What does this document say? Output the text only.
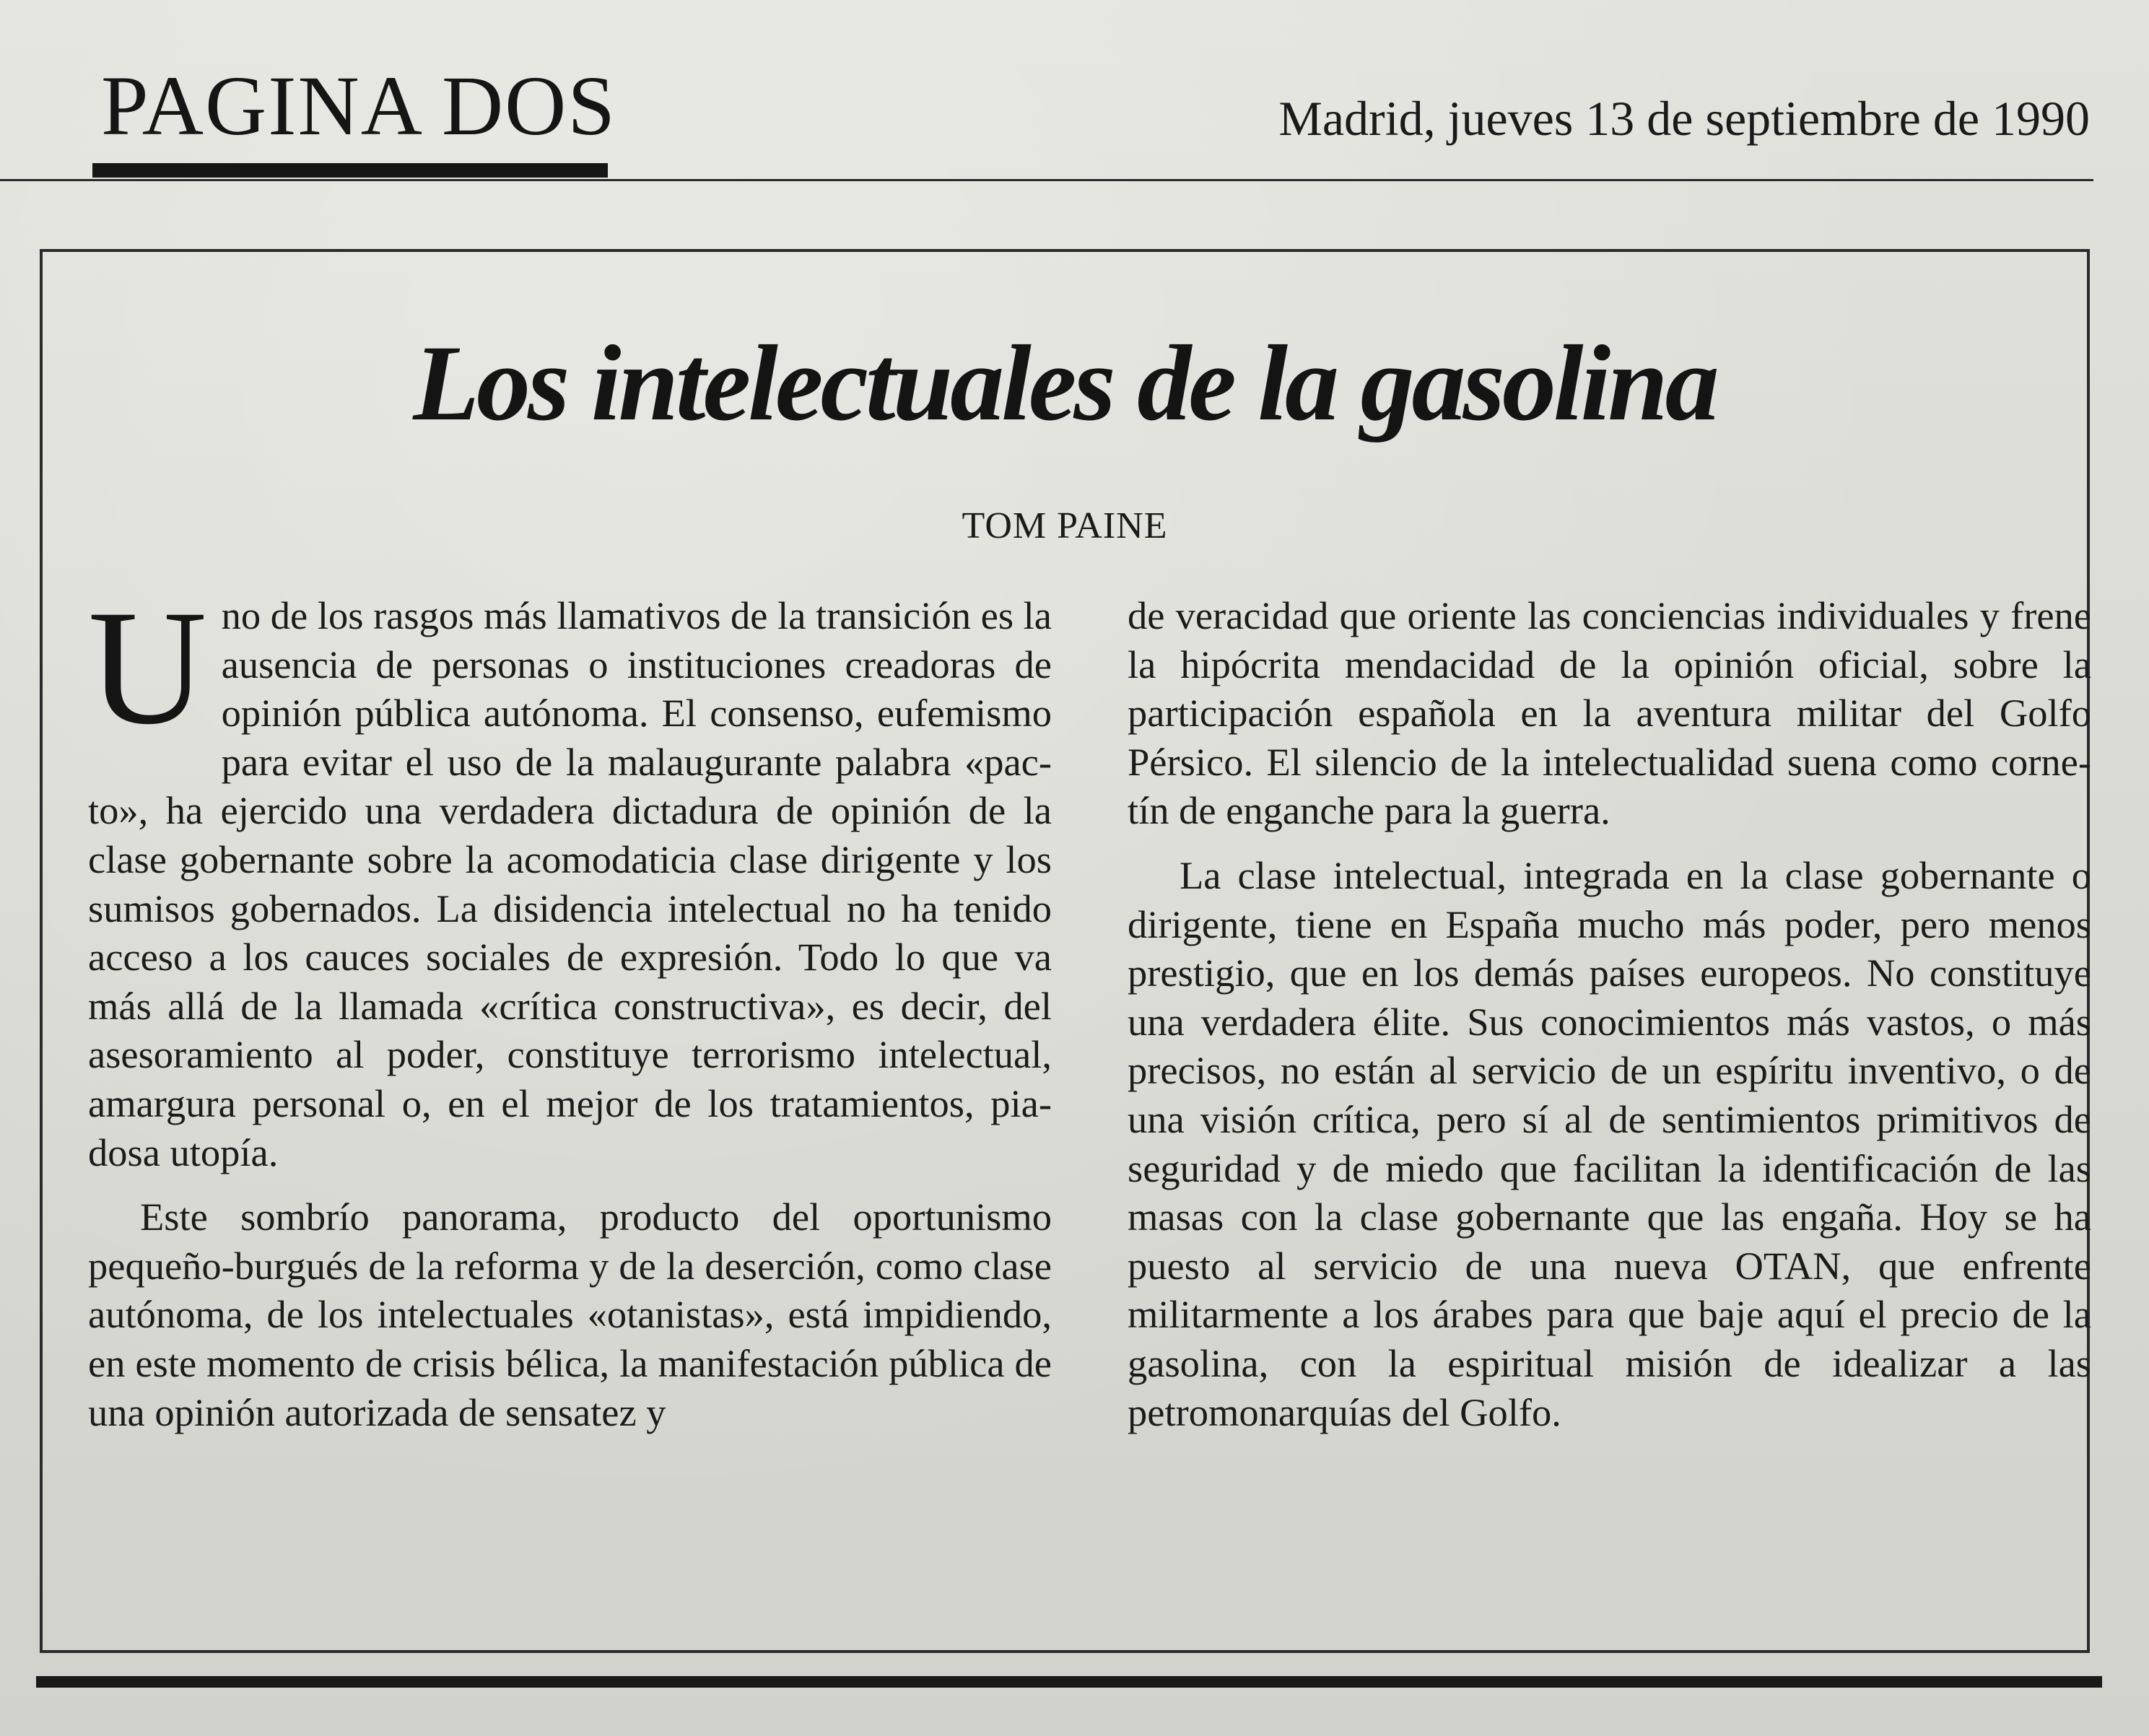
PAGINA DOS	Madrid, jueves 13 de septiembre de 1990
Los intelectuales de la gasolina
TOM PAINE

Uno de los rasgos más llamativos de la transición es la ausencia de personas o instituciones creadoras de opinión pública autónoma. El consenso, eufemismo para evitar el uso de la malaugurante palabra «pacto», ha ejercido una verdadera dictadura de opinión de la clase gobernante sobre la acomodaticia clase dirigente y los sumisos gobernados. La disidencia intelectual no ha tenido acceso a los cauces sociales de expresión. Todo lo que va más allá de la llamada «crítica constructiva», es decir, del asesoramiento al poder, constituye terrorismo intelectual, amargura personal o, en el mejor de los tratamientos, piadosa utopía.

Este sombrío panorama, producto del oportunismo pequeño-burgués de la reforma y de la deserción, como clase autónoma, de los intelectuales «otanistas», está impidiendo, en este momento de crisis bélica, la manifestación pública de una opinión autorizada de sensatez y

de veracidad que oriente las conciencias individuales y frene la hipócrita mendacidad de la opinión oficial, sobre la participación española en la aventura militar del Golfo Pérsico. El silencio de la intelectualidad suena como cornetín de enganche para la guerra.

La clase intelectual, integrada en la clase gobernante o dirigente, tiene en España mucho más poder, pero menos prestigio, que en los demás países europeos. No constituye una verdadera élite. Sus conocimientos más vastos, o más precisos, no están al servicio de un espíritu inventivo, o de una visión crítica, pero sí al de sentimientos primitivos de seguridad y de miedo que facilitan la identificación de las masas con la clase gobernante que las engaña. Hoy se ha puesto al servicio de una nueva OTAN, que enfrente militarmente a los árabes para que baje aquí el precio de la gasolina, con la espiritual misión de idealizar a las petromonarquías del Golfo.
